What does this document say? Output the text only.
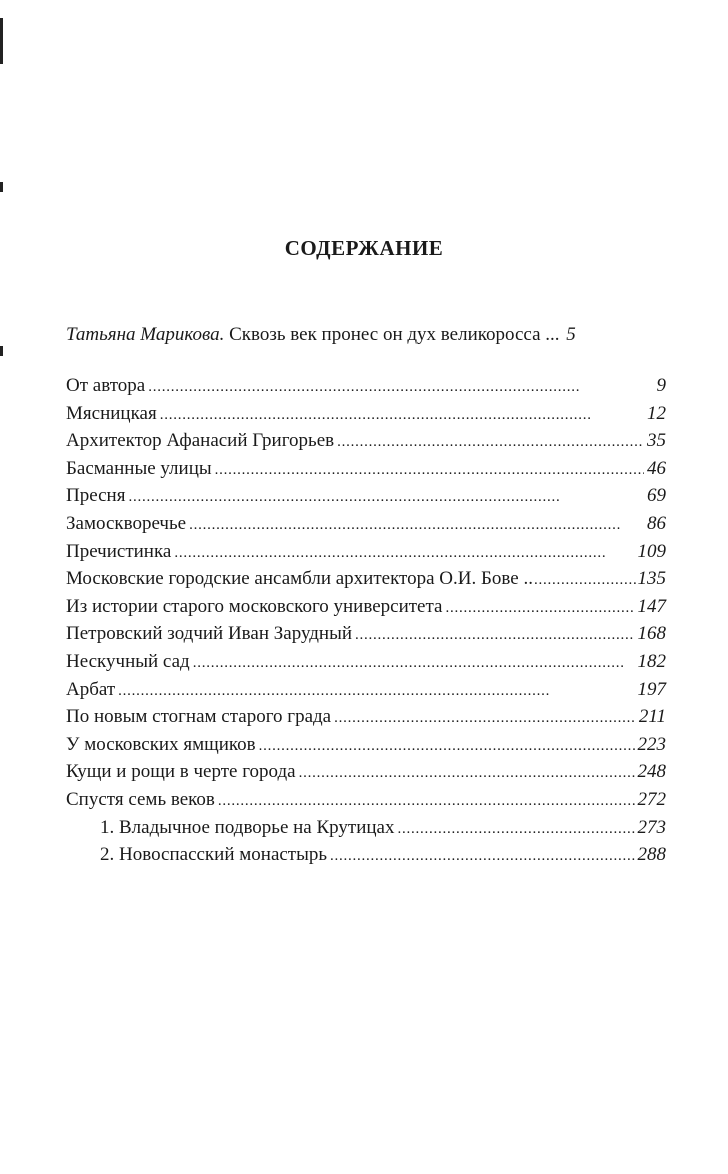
СОДЕРЖАНИЕ
Татьяна Марикова. Сквозь век пронес он дух великоросса ... 5
От автора . . .	9
Мясницкая . . .	12
Архитектор Афанасий Григорьев . . .	35
Басманные улицы . . .	46
Пресня . . .	69
Замоскворечье . . .	86
Пречистинка . . .	109
Московские городские ансамбли архитектора О.И. Бове .. . . .	135
Из истории старого московского университета . . .	147
Петровский зодчий Иван Зарудный . . .	168
Нескучный сад . . .	182
Арбат . . .	197
По новым стогнам старого града . . .	211
У московских ямщиков . . .	223
Кущи и рощи в черте города . . .	248
Спустя семь веков . . .	272
1. Владычное подворье на Крутицах . . .	273
2. Новоспасский монастырь . . .	288
